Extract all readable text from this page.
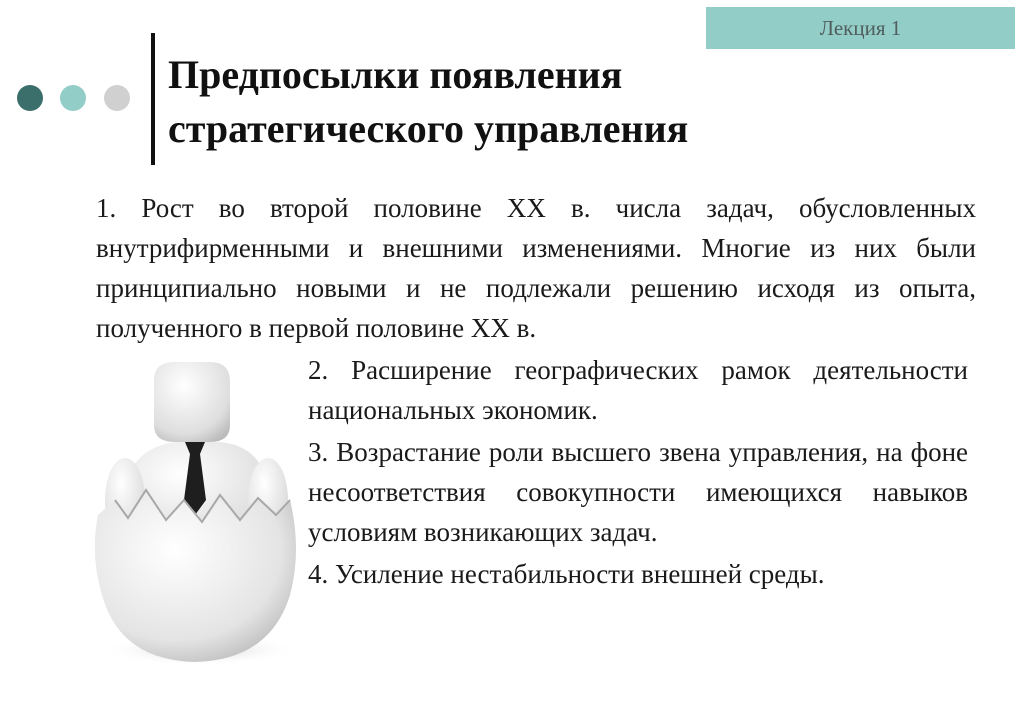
Лекция 1
Предпосылки появления
стратегического управления

1. Рост во второй половине XX в. числа задач, обусловленных внутрифирменными и внешними изменениями. Многие из них были принципиально новыми и не подлежали решению исходя из опыта, полученного в первой половине XX в.

2. Расширение географических рамок деятельности национальных экономик.

3. Возрастание роли высшего звена управления, на фоне несоответствия совокупности имеющихся навыков условиям возникающих задач.

4. Усиление нестабильности внешней среды.
